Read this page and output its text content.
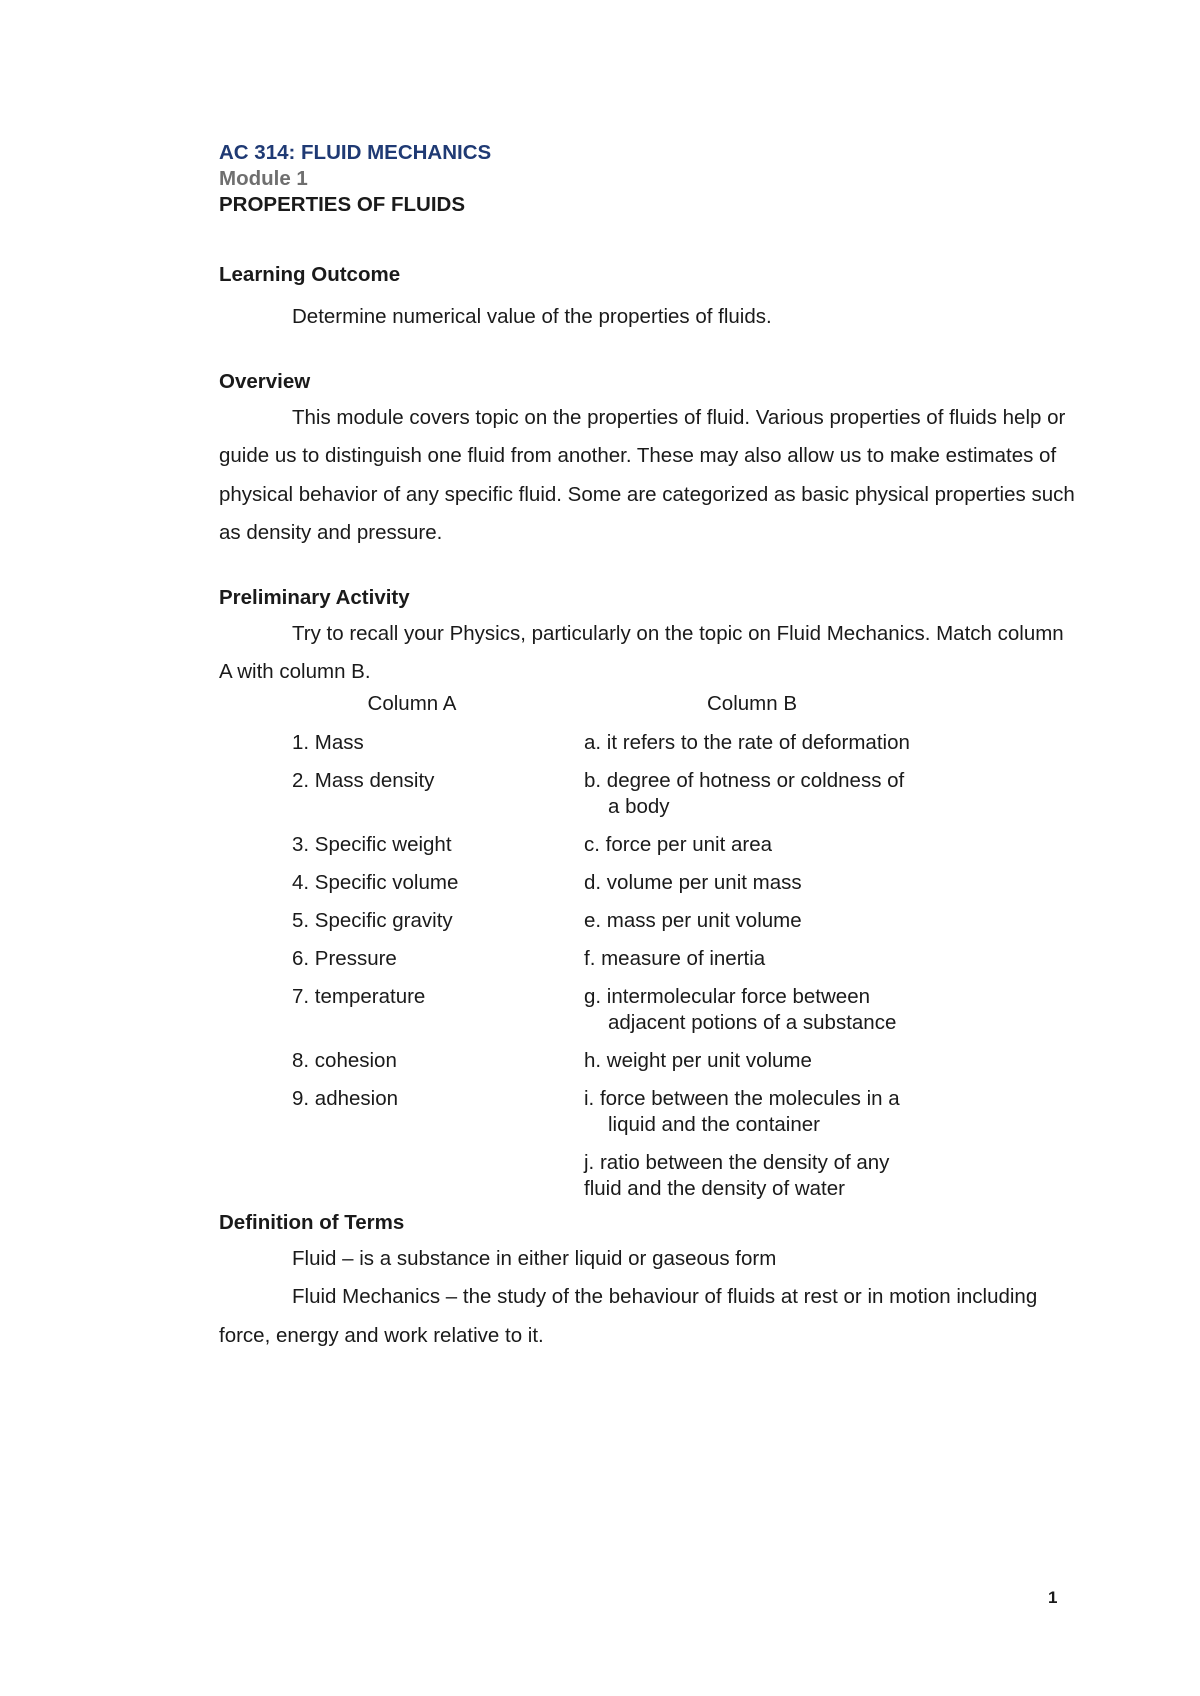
AC 314: FLUID MECHANICS

Module 1

PROPERTIES OF FLUIDS

Learning Outcome

Determine numerical value of the properties of fluids.

Overview

This module covers topic on the properties of fluid. Various properties of fluids help or guide us to distinguish one fluid from another. These may also allow us to make estimates of physical behavior of any specific fluid. Some are categorized as basic physical properties such as density and pressure.

Preliminary Activity

Try to recall your Physics, particularly on the topic on Fluid Mechanics. Match column A with column B.

Column A	Column B
1. Mass	a. it refers to the rate of deformation
2. Mass density	b. degree of hotness or coldness of
a body
3. Specific weight	c. force per unit area
4. Specific volume	d. volume per unit mass
5. Specific gravity	e. mass per unit volume
6. Pressure	f. measure of inertia
7. temperature	g. intermolecular force between
adjacent potions of a substance
8. cohesion	h. weight per unit volume
9. adhesion	i. force between the molecules in a
liquid and the container
j. ratio between the density of any
fluid and the density of water

Definition of Terms

Fluid – is a substance in either liquid or gaseous form

Fluid Mechanics – the study of the behaviour of fluids at rest or in motion including force, energy and work relative to it.

1
